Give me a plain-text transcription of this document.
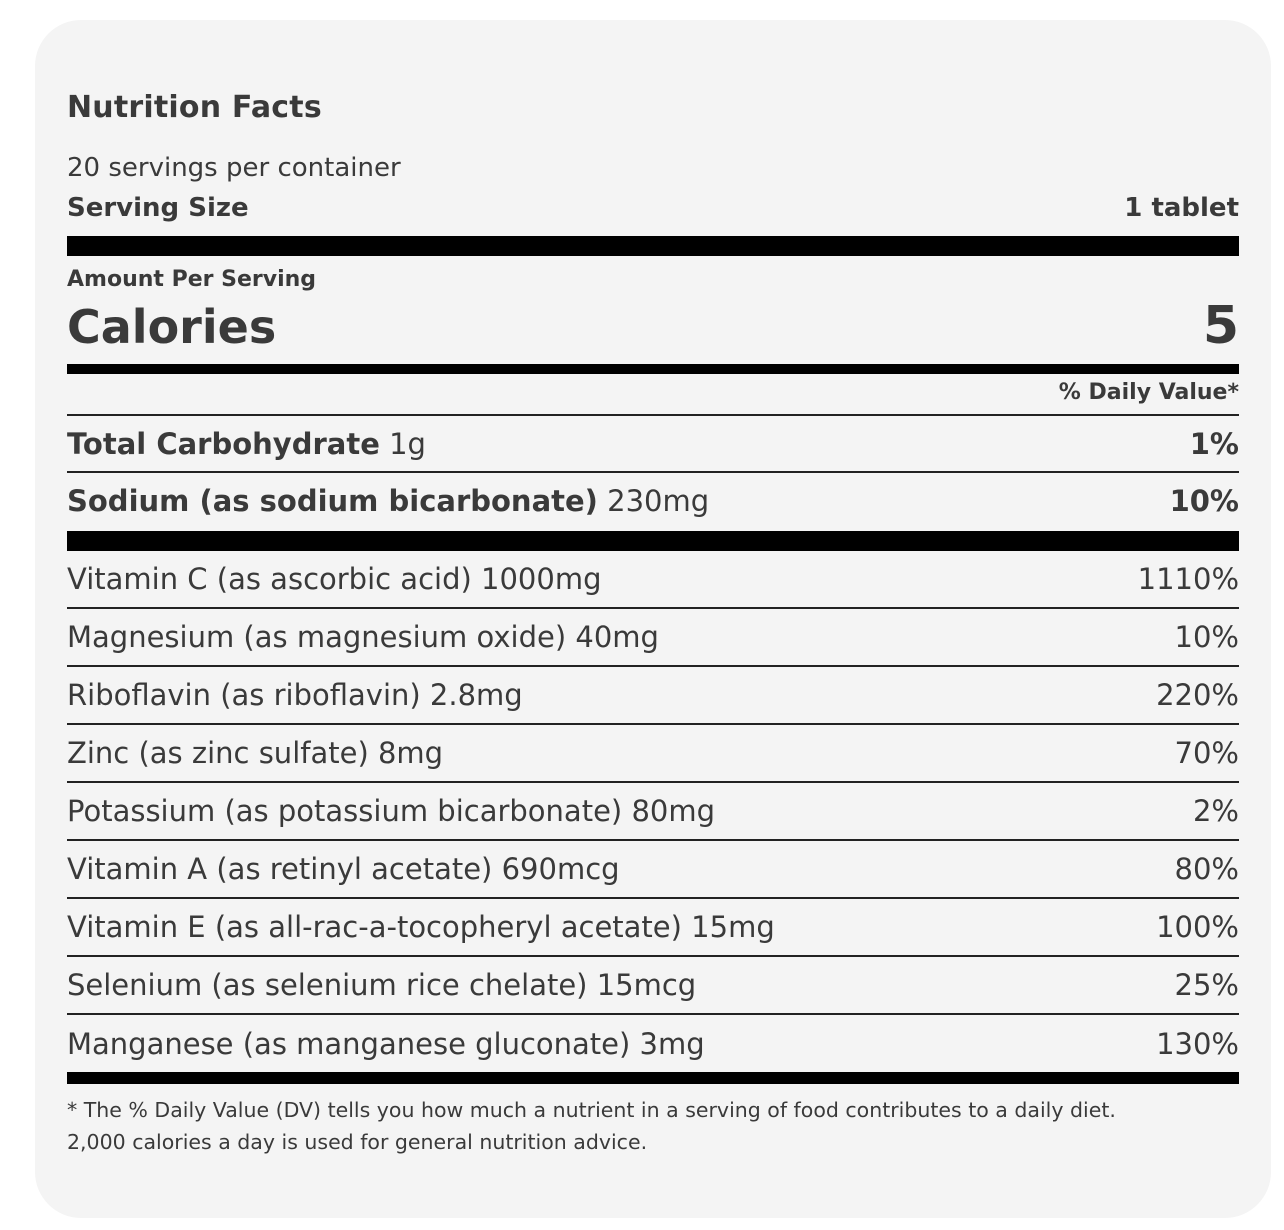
Nutrition Facts
20 servings per container
Serving Size	1 tablet
Amount Per Serving
Calories	5
% Daily Value*
Total Carbohydrate 1g	1%
Sodium (as sodium bicarbonate) 230mg	10%
Vitamin C (as ascorbic acid) 1000mg	1110%
Magnesium (as magnesium oxide) 40mg	10%
Riboflavin (as riboflavin) 2.8mg	220%
Zinc (as zinc sulfate) 8mg	70%
Potassium (as potassium bicarbonate) 80mg	2%
Vitamin A (as retinyl acetate) 690mcg	80%
Vitamin E (as all-rac-a-tocopheryl acetate) 15mg	100%
Selenium (as selenium rice chelate) 15mcg	25%
Manganese (as manganese gluconate) 3mg	130%
* The % Daily Value (DV) tells you how much a nutrient in a serving of food contributes to a daily diet.
2,000 calories a day is used for general nutrition advice.
